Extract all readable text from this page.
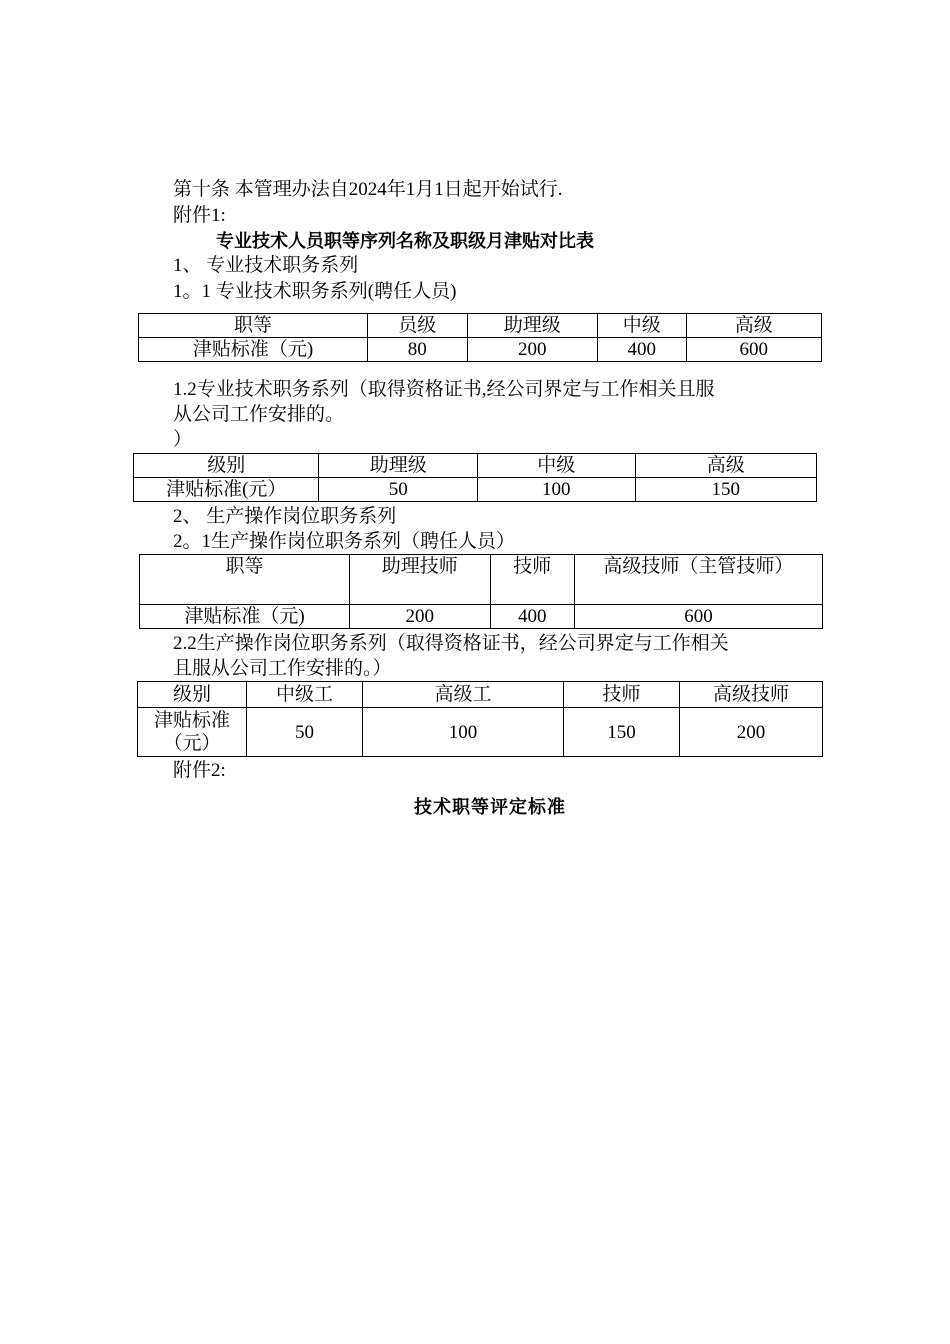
第十条 本管理办法自2024年1月1日起开始试行.
附件1:
专业技术人员职等序列名称及职级月津贴对比表
1、 专业技术职务系列
1。1 专业技术职务系列(聘任人员)
职等	员级	助理级	中级	高级
津贴标准（元)	80	200	400	600
1.2专业技术职务系列（取得资格证书,经公司界定与工作相关且服
从公司工作安排的。
）
级别	助理级	中级	高级
津贴标准(元）	50	100	150
2、 生产操作岗位职务系列
2。1生产操作岗位职务系列（聘任人员）
职等	助理技师	技师	高级技师（主管技师）
津贴标准（元)	200	400	600
2.2生产操作岗位职务系列（取得资格证书，经公司界定与工作相关
且服从公司工作安排的。）
级别	中级工	高级工	技师	高级技师
津贴标准（元）	50	100	150	200
附件2:
技术职等评定标准
